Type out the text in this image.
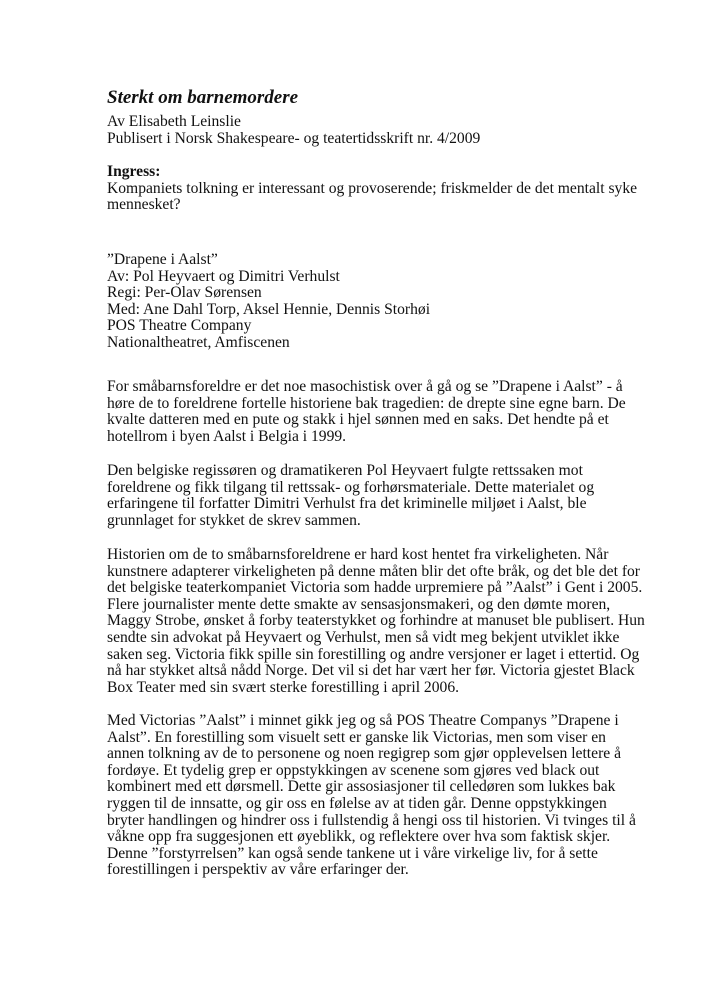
Sterkt om barnemordere
Av Elisabeth Leinslie
Publisert i Norsk Shakespeare- og teatertidsskrift nr. 4/2009
Ingress:
Kompaniets tolkning er interessant og provoserende; friskmelder de det mentalt syke
mennesket?
”Drapene i Aalst”
Av: Pol Heyvaert og Dimitri Verhulst
Regi: Per-Olav Sørensen
Med: Ane Dahl Torp, Aksel Hennie, Dennis Storhøi
POS Theatre Company
Nationaltheatret, Amfiscenen
For småbarnsforeldre er det noe masochistisk over å gå og se ”Drapene i Aalst” - å
høre de to foreldrene fortelle historiene bak tragedien: de drepte sine egne barn. De
kvalte datteren med en pute og stakk i hjel sønnen med en saks. Det hendte på et
hotellrom i byen Aalst i Belgia i 1999.
Den belgiske regissøren og dramatikeren Pol Heyvaert fulgte rettssaken mot
foreldrene og fikk tilgang til rettssak- og forhørsmateriale. Dette materialet og
erfaringene til forfatter Dimitri Verhulst fra det kriminelle miljøet i Aalst, ble
grunnlaget for stykket de skrev sammen.
Historien om de to småbarnsforeldrene er hard kost hentet fra virkeligheten. Når
kunstnere adapterer virkeligheten på denne måten blir det ofte bråk, og det ble det for
det belgiske teaterkompaniet Victoria som hadde urpremiere på ”Aalst” i Gent i 2005.
Flere journalister mente dette smakte av sensasjonsmakeri, og den dømte moren,
Maggy Strobe, ønsket å forby teaterstykket og forhindre at manuset ble publisert. Hun
sendte sin advokat på Heyvaert og Verhulst, men så vidt meg bekjent utviklet ikke
saken seg. Victoria fikk spille sin forestilling og andre versjoner er laget i ettertid. Og
nå har stykket altså nådd Norge. Det vil si det har vært her før. Victoria gjestet Black
Box Teater med sin svært sterke forestilling i april 2006.
Med Victorias ”Aalst” i minnet gikk jeg og så POS Theatre Companys ”Drapene i
Aalst”. En forestilling som visuelt sett er ganske lik Victorias, men som viser en
annen tolkning av de to personene og noen regigrep som gjør opplevelsen lettere å
fordøye. Et tydelig grep er oppstykkingen av scenene som gjøres ved black out
kombinert med ett dørsmell. Dette gir assosiasjoner til celledøren som lukkes bak
ryggen til de innsatte, og gir oss en følelse av at tiden går. Denne oppstykkingen
bryter handlingen og hindrer oss i fullstendig å hengi oss til historien. Vi tvinges til å
våkne opp fra suggesjonen ett øyeblikk, og reflektere over hva som faktisk skjer.
Denne ”forstyrrelsen” kan også sende tankene ut i våre virkelige liv, for å sette
forestillingen i perspektiv av våre erfaringer der.
